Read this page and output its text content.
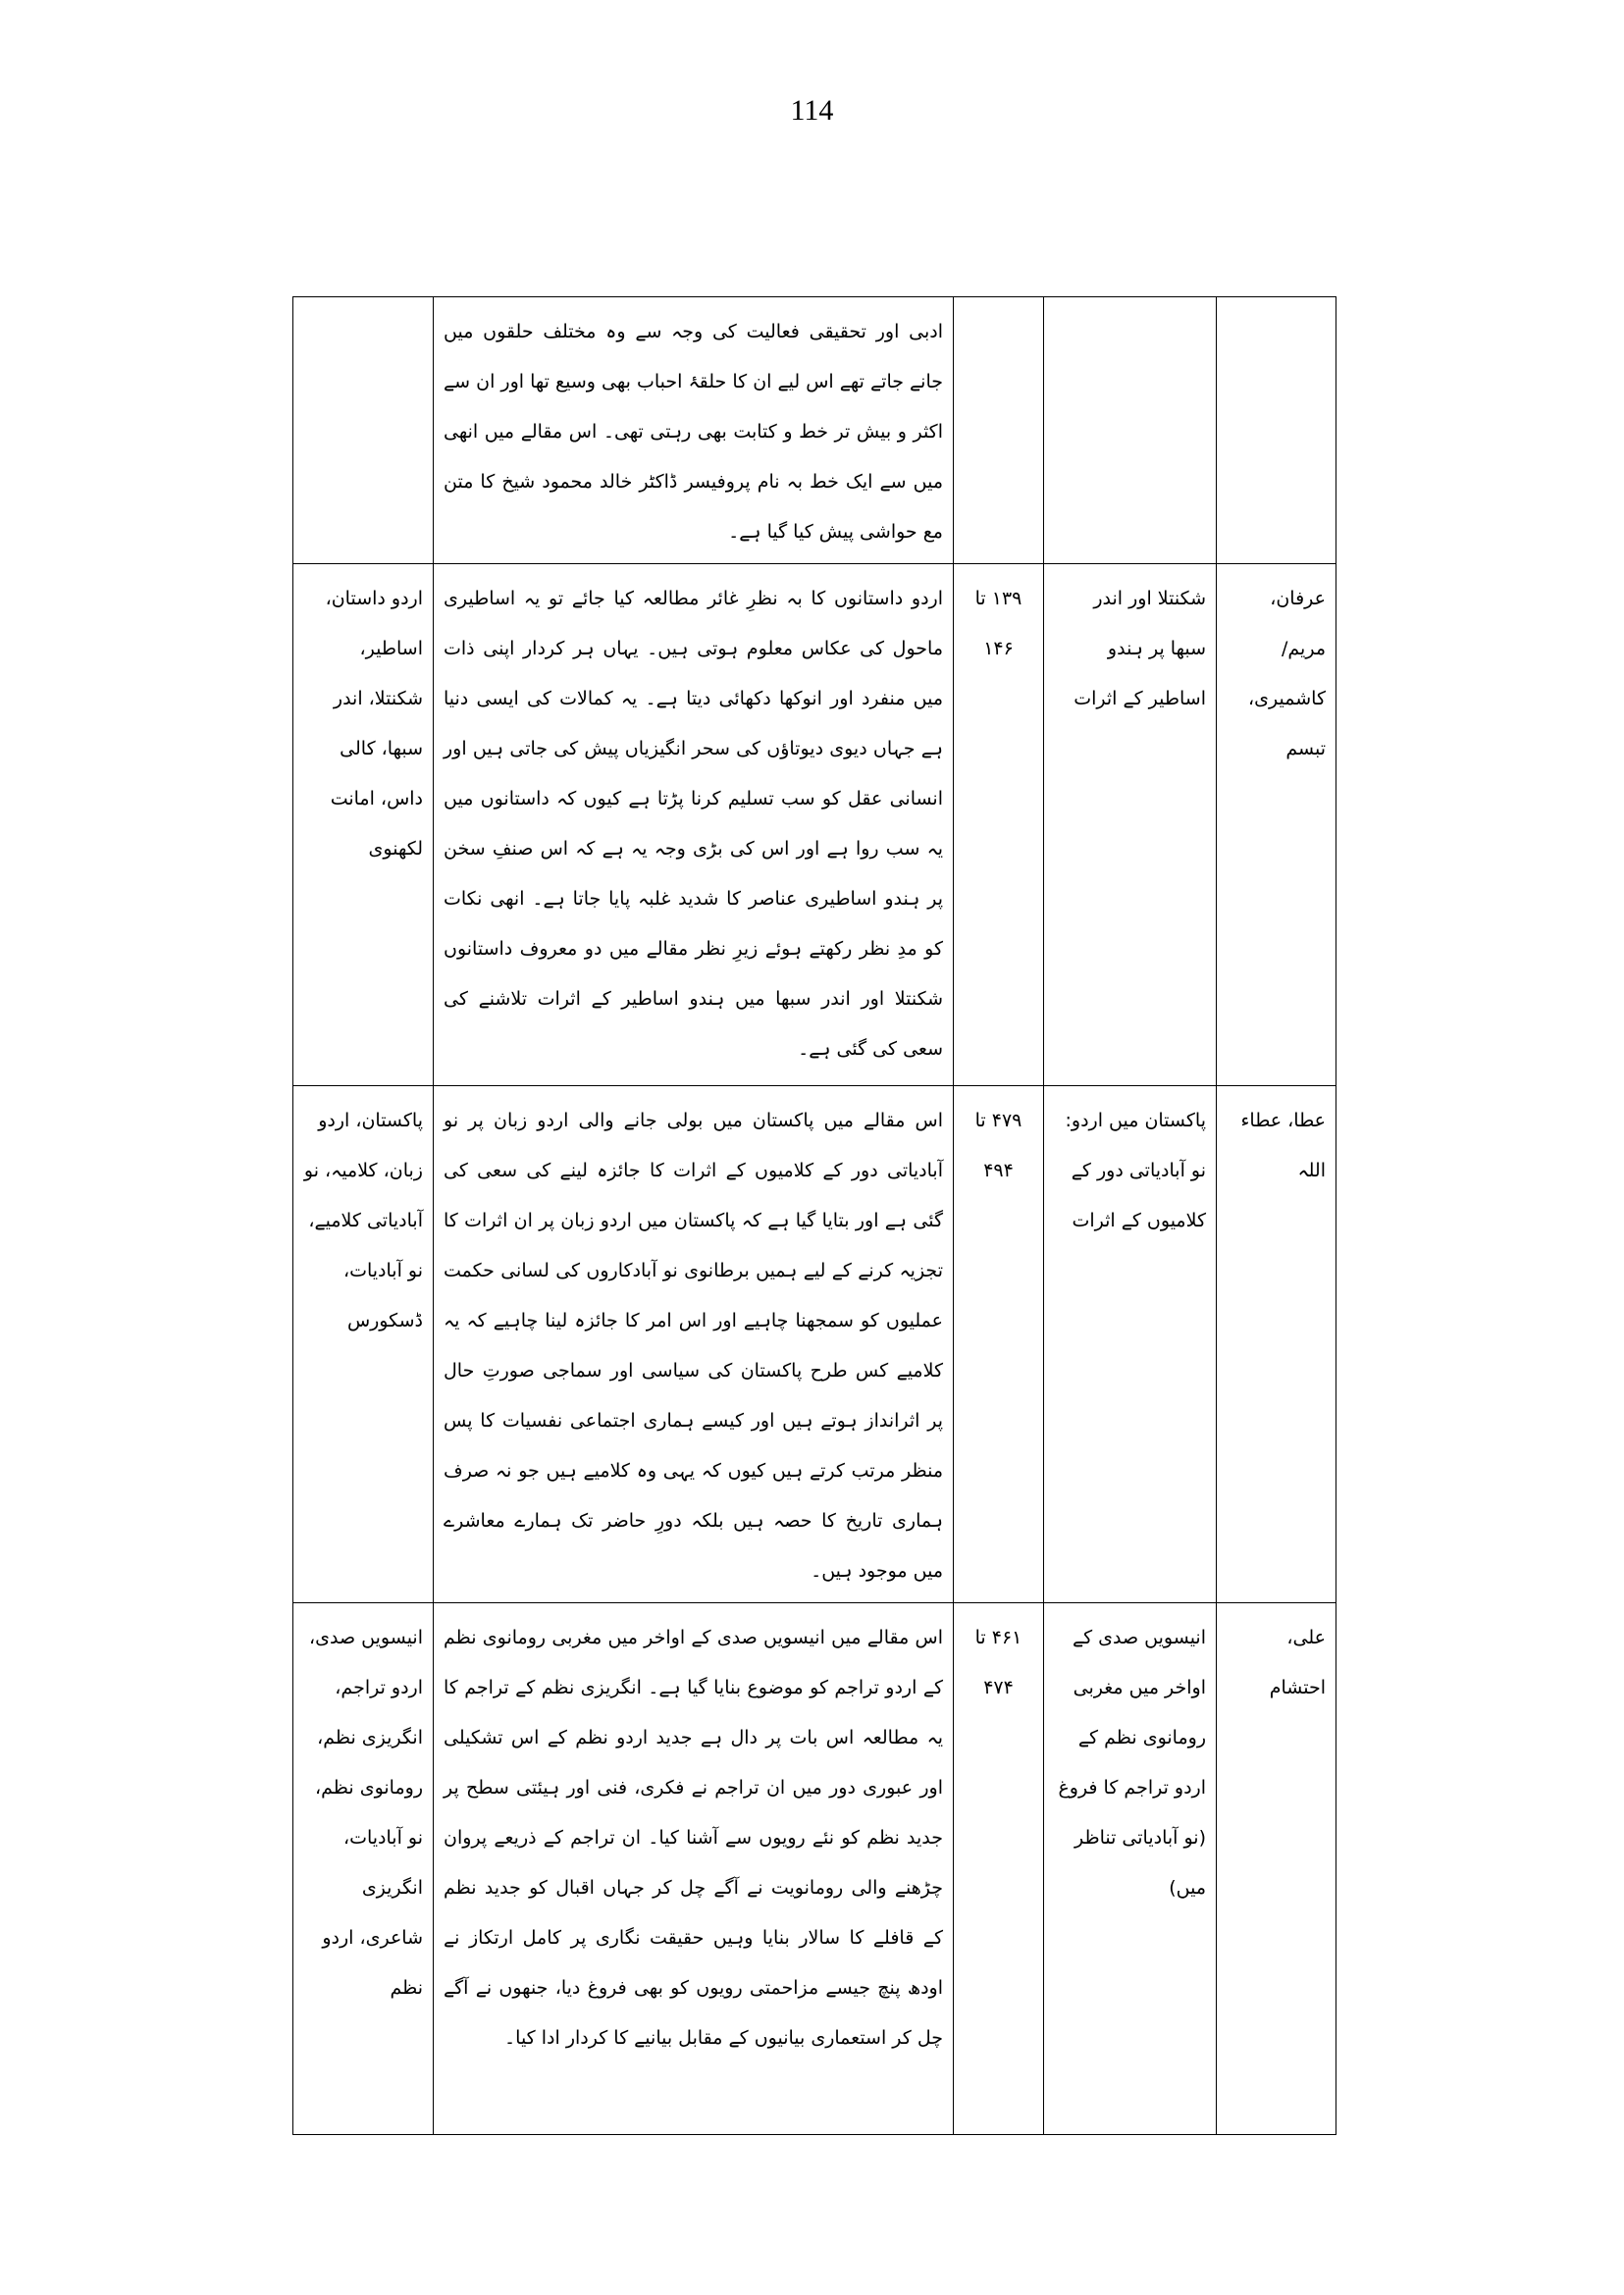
114

			ادبی اور تحقیقی فعالیت کی وجہ سے وہ مختلف حلقوں میں جانے جاتے تھے اس لیے ان کا حلقۂ احباب بھی وسیع تھا اور ان سے اکثر و بیش تر خط و کتابت بھی رہتی تھی۔ اس مقالے میں انھی میں سے ایک خط بہ نام پروفیسر ڈاکٹر خالد محمود شیخ کا متن مع حواشی پیش کیا گیا ہے۔	

عرفان، مریم/ کاشمیری، تبسم	شکنتلا اور اندر سبھا پر ہندو اساطیر کے اثرات	۱۳۹ تا ۱۴۶	اردو داستانوں کا بہ نظرِ غائر مطالعہ کیا جائے تو یہ اساطیری ماحول کی عکاس معلوم ہوتی ہیں۔ یہاں ہر کردار اپنی ذات میں منفرد اور انوکھا دکھائی دیتا ہے۔ یہ کمالات کی ایسی دنیا ہے جہاں دیوی دیوتاؤں کی سحر انگیزیاں پیش کی جاتی ہیں اور انسانی عقل کو سب تسلیم کرنا پڑتا ہے کیوں کہ داستانوں میں یہ سب روا ہے اور اس کی بڑی وجہ یہ ہے کہ اس صنفِ سخن پر ہندو اساطیری عناصر کا شدید غلبہ پایا جاتا ہے۔ انھی نکات کو مدِ نظر رکھتے ہوئے زیرِ نظر مقالے میں دو معروف داستانوں شکنتلا اور اندر سبھا میں ہندو اساطیر کے اثرات تلاشنے کی سعی کی گئی ہے۔	اردو داستان، اساطیر، شکنتلا، اندر سبھا، کالی داس، امانت لکھنوی
عطا، عطاء اللہ	پاکستان میں اردو: نو آبادیاتی دور کے کلامیوں کے اثرات	۴۷۹ تا ۴۹۴	اس مقالے میں پاکستان میں بولی جانے والی اردو زبان پر نو آبادیاتی دور کے کلامیوں کے اثرات کا جائزہ لینے کی سعی کی گئی ہے اور بتایا گیا ہے کہ پاکستان میں اردو زبان پر ان اثرات کا تجزیہ کرنے کے لیے ہمیں برطانوی نو آبادکاروں کی لسانی حکمت عملیوں کو سمجھنا چاہیے اور اس امر کا جائزہ لینا چاہیے کہ یہ کلامیے کس طرح پاکستان کی سیاسی اور سماجی صورتِ حال پر اثرانداز ہوتے ہیں اور کیسے ہماری اجتماعی نفسیات کا پس منظر مرتب کرتے ہیں کیوں کہ یہی وہ کلامیے ہیں جو نہ صرف ہماری تاریخ کا حصہ ہیں بلکہ دورِ حاضر تک ہمارے معاشرے میں موجود ہیں۔	پاکستان، اردو زبان، کلامیہ، نو آبادیاتی کلامیے، نو آبادیات، ڈسکورس
علی، احتشام	انیسویں صدی کے اواخر میں مغربی رومانوی نظم کے اردو تراجم کا فروغ (نو آبادیاتی تناظر میں)	۴۶۱ تا ۴۷۴	اس مقالے میں انیسویں صدی کے اواخر میں مغربی رومانوی نظم کے اردو تراجم کو موضوع بنایا گیا ہے۔ انگریزی نظم کے تراجم کا یہ مطالعہ اس بات پر دال ہے جدید اردو نظم کے اس تشکیلی اور عبوری دور میں ان تراجم نے فکری، فنی اور ہیئتی سطح پر جدید نظم کو نئے رویوں سے آشنا کیا۔ ان تراجم کے ذریعے پروان چڑھنے والی رومانویت نے آگے چل کر جہاں اقبال کو جدید نظم کے قافلے کا سالار بنایا وہیں حقیقت نگاری پر کامل ارتکاز نے اودھ پنچ جیسے مزاحمتی رویوں کو بھی فروغ دیا، جنھوں نے آگے چل کر استعماری بیانیوں کے مقابل بیانیے کا کردار ادا کیا۔	انیسویں صدی، اردو تراجم، انگریزی نظم، رومانوی نظم، نو آبادیات، انگریزی شاعری، اردو نظم
